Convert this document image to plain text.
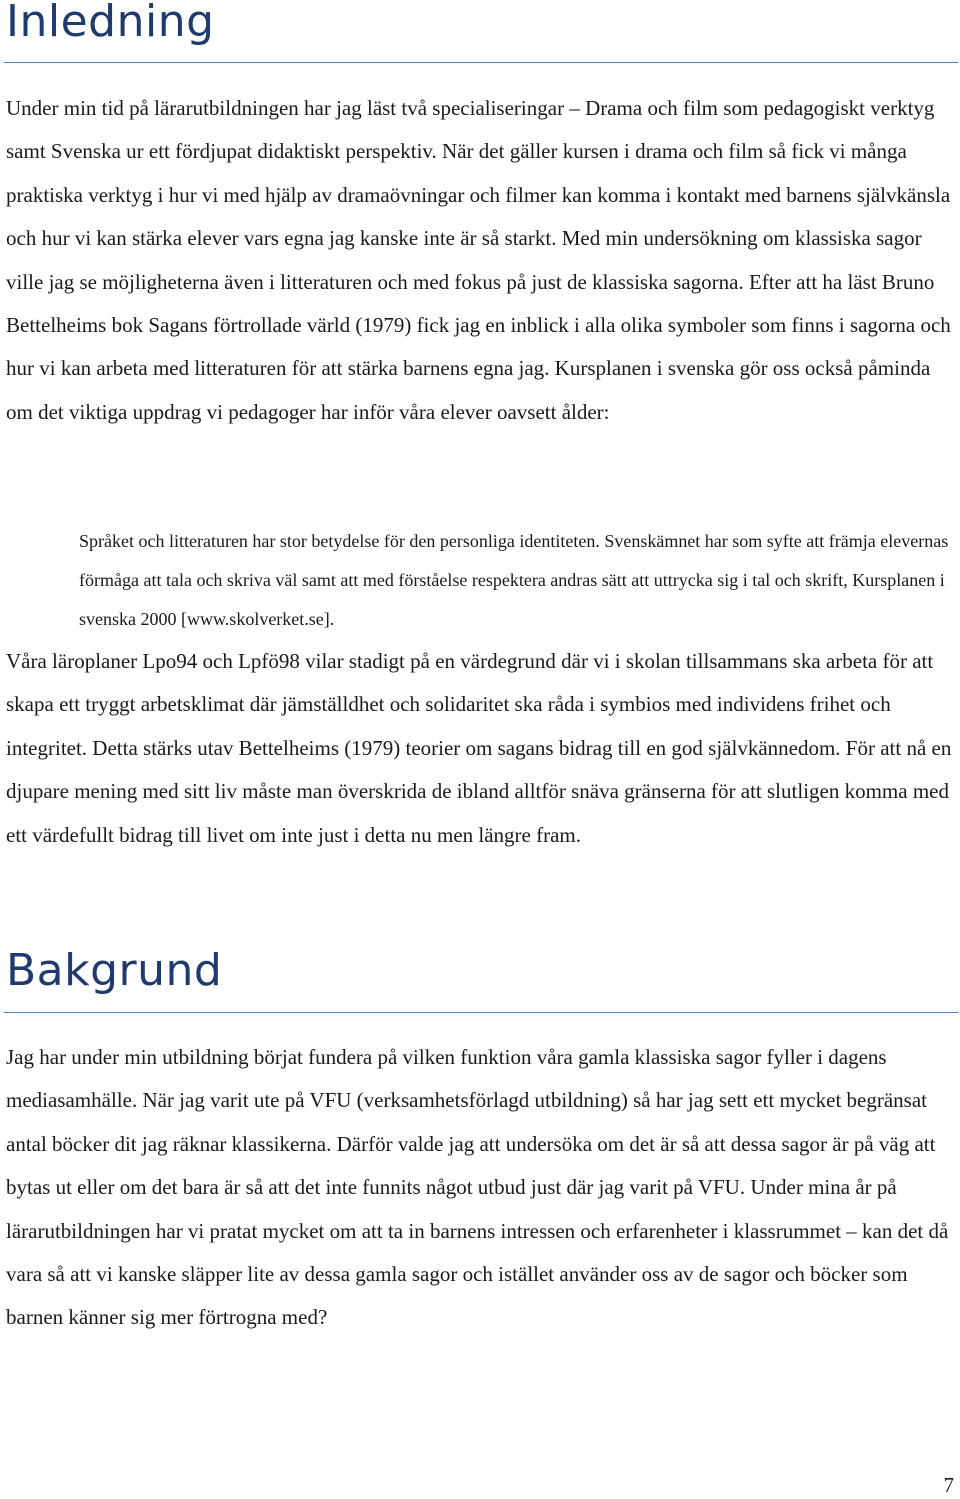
Inledning

Under min tid på lärarutbildningen har jag läst två specialiseringar – Drama och film som pedagogiskt verktyg samt Svenska ur ett fördjupat didaktiskt perspektiv. När det gäller kursen i drama och film så fick vi många praktiska verktyg i hur vi med hjälp av dramaövningar och filmer kan komma i kontakt med barnens självkänsla och hur vi kan stärka elever vars egna jag kanske inte är så starkt. Med min undersökning om klassiska sagor ville jag se möjligheterna även i litteraturen och med fokus på just de klassiska sagorna. Efter att ha läst Bruno Bettelheims bok Sagans förtrollade värld (1979) fick jag en inblick i alla olika symboler som finns i sagorna och hur vi kan arbeta med litteraturen för att stärka barnens egna jag. Kursplanen i svenska gör oss också påminda om det viktiga uppdrag vi pedagoger har inför våra elever oavsett ålder:

Språket och litteraturen har stor betydelse för den personliga identiteten. Svenskämnet har som syfte att främja elevernas förmåga att tala och skriva väl samt att med förståelse respektera andras sätt att uttrycka sig i tal och skrift, Kursplanen i svenska 2000 [www.skolverket.se].

Våra läroplaner Lpo94 och Lpfö98 vilar stadigt på en värdegrund där vi i skolan tillsammans ska arbeta för att skapa ett tryggt arbetsklimat där jämställdhet och solidaritet ska råda i symbios med individens frihet och integritet. Detta stärks utav Bettelheims (1979) teorier om sagans bidrag till en god självkännedom. För att nå en djupare mening med sitt liv måste man överskrida de ibland alltför snäva gränserna för att slutligen komma med ett värdefullt bidrag till livet om inte just i detta nu men längre fram.

Bakgrund

Jag har under min utbildning börjat fundera på vilken funktion våra gamla klassiska sagor fyller i dagens mediasamhälle. När jag varit ute på VFU (verksamhetsförlagd utbildning) så har jag sett ett mycket begränsat antal böcker dit jag räknar klassikerna. Därför valde jag att undersöka om det är så att dessa sagor är på väg att bytas ut eller om det bara är så att det inte funnits något utbud just där jag varit på VFU. Under mina år på lärarutbildningen har vi pratat mycket om att ta in barnens intressen och erfarenheter i klassrummet – kan det då vara så att vi kanske släpper lite av dessa gamla sagor och istället använder oss av de sagor och böcker som barnen känner sig mer förtrogna med?

7
